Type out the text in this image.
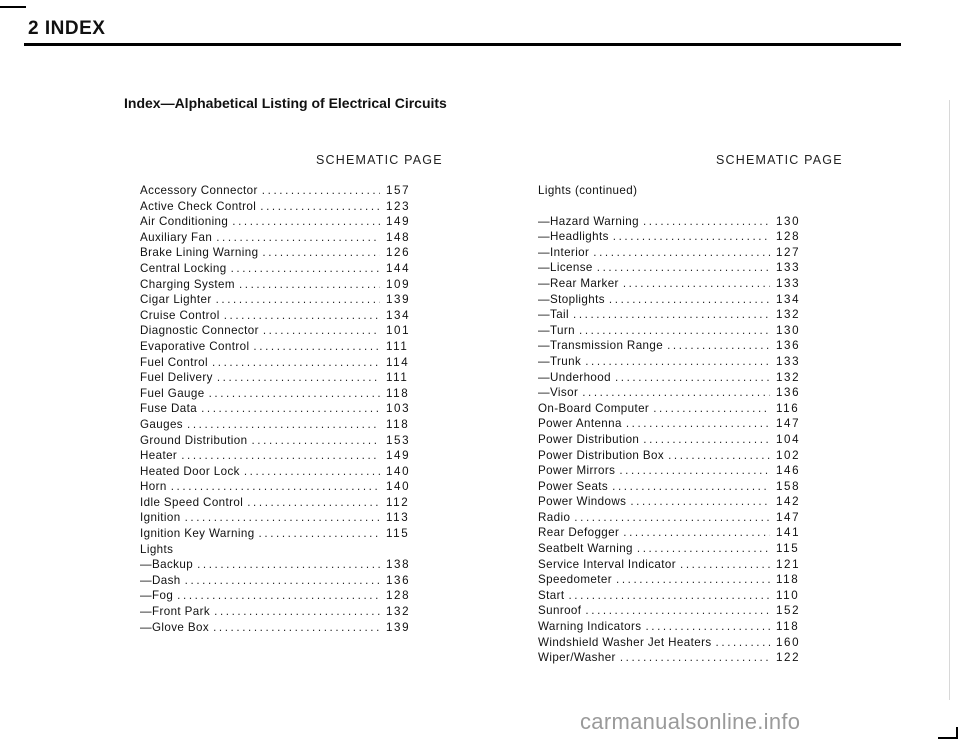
2 INDEX
Index—Alphabetical Listing of Electrical Circuits
SCHEMATIC PAGE	SCHEMATIC PAGE
Accessory Connector .....	157
Active Check Control .....	123
Air Conditioning .....	149
Auxiliary Fan .....	148
Brake Lining Warning .....	126
Central Locking .....	144
Charging System .....	109
Cigar Lighter .....	139
Cruise Control .....	134
Diagnostic Connector .....	101
Evaporative Control .....	111
Fuel Control .....	114
Fuel Delivery .....	111
Fuel Gauge .....	118
Fuse Data .....	103
Gauges .....	118
Ground Distribution .....	153
Heater .....	149
Heated Door Lock .....	140
Horn .....	140
Idle Speed Control .....	112
Ignition .....	113
Ignition Key Warning .....	115
Lights
—Backup .....	138
—Dash .....	136
—Fog .....	128
—Front Park .....	132
—Glove Box .....	139
Lights (continued)
—Hazard Warning .....	130
—Headlights .....	128
—Interior .....	127
—License .....	133
—Rear Marker .....	133
—Stoplights .....	134
—Tail .....	132
—Turn .....	130
—Transmission Range .....	136
—Trunk .....	133
—Underhood .....	132
—Visor .....	136
On-Board Computer .....	116
Power Antenna .....	147
Power Distribution .....	104
Power Distribution Box .....	102
Power Mirrors .....	146
Power Seats .....	158
Power Windows .....	142
Radio .....	147
Rear Defogger .....	141
Seatbelt Warning .....	115
Service Interval Indicator .....	121
Speedometer .....	118
Start .....	110
Sunroof .....	152
Warning Indicators .....	118
Windshield Washer Jet Heaters .....	160
Wiper/Washer .....	122
carmanualsonline.info
